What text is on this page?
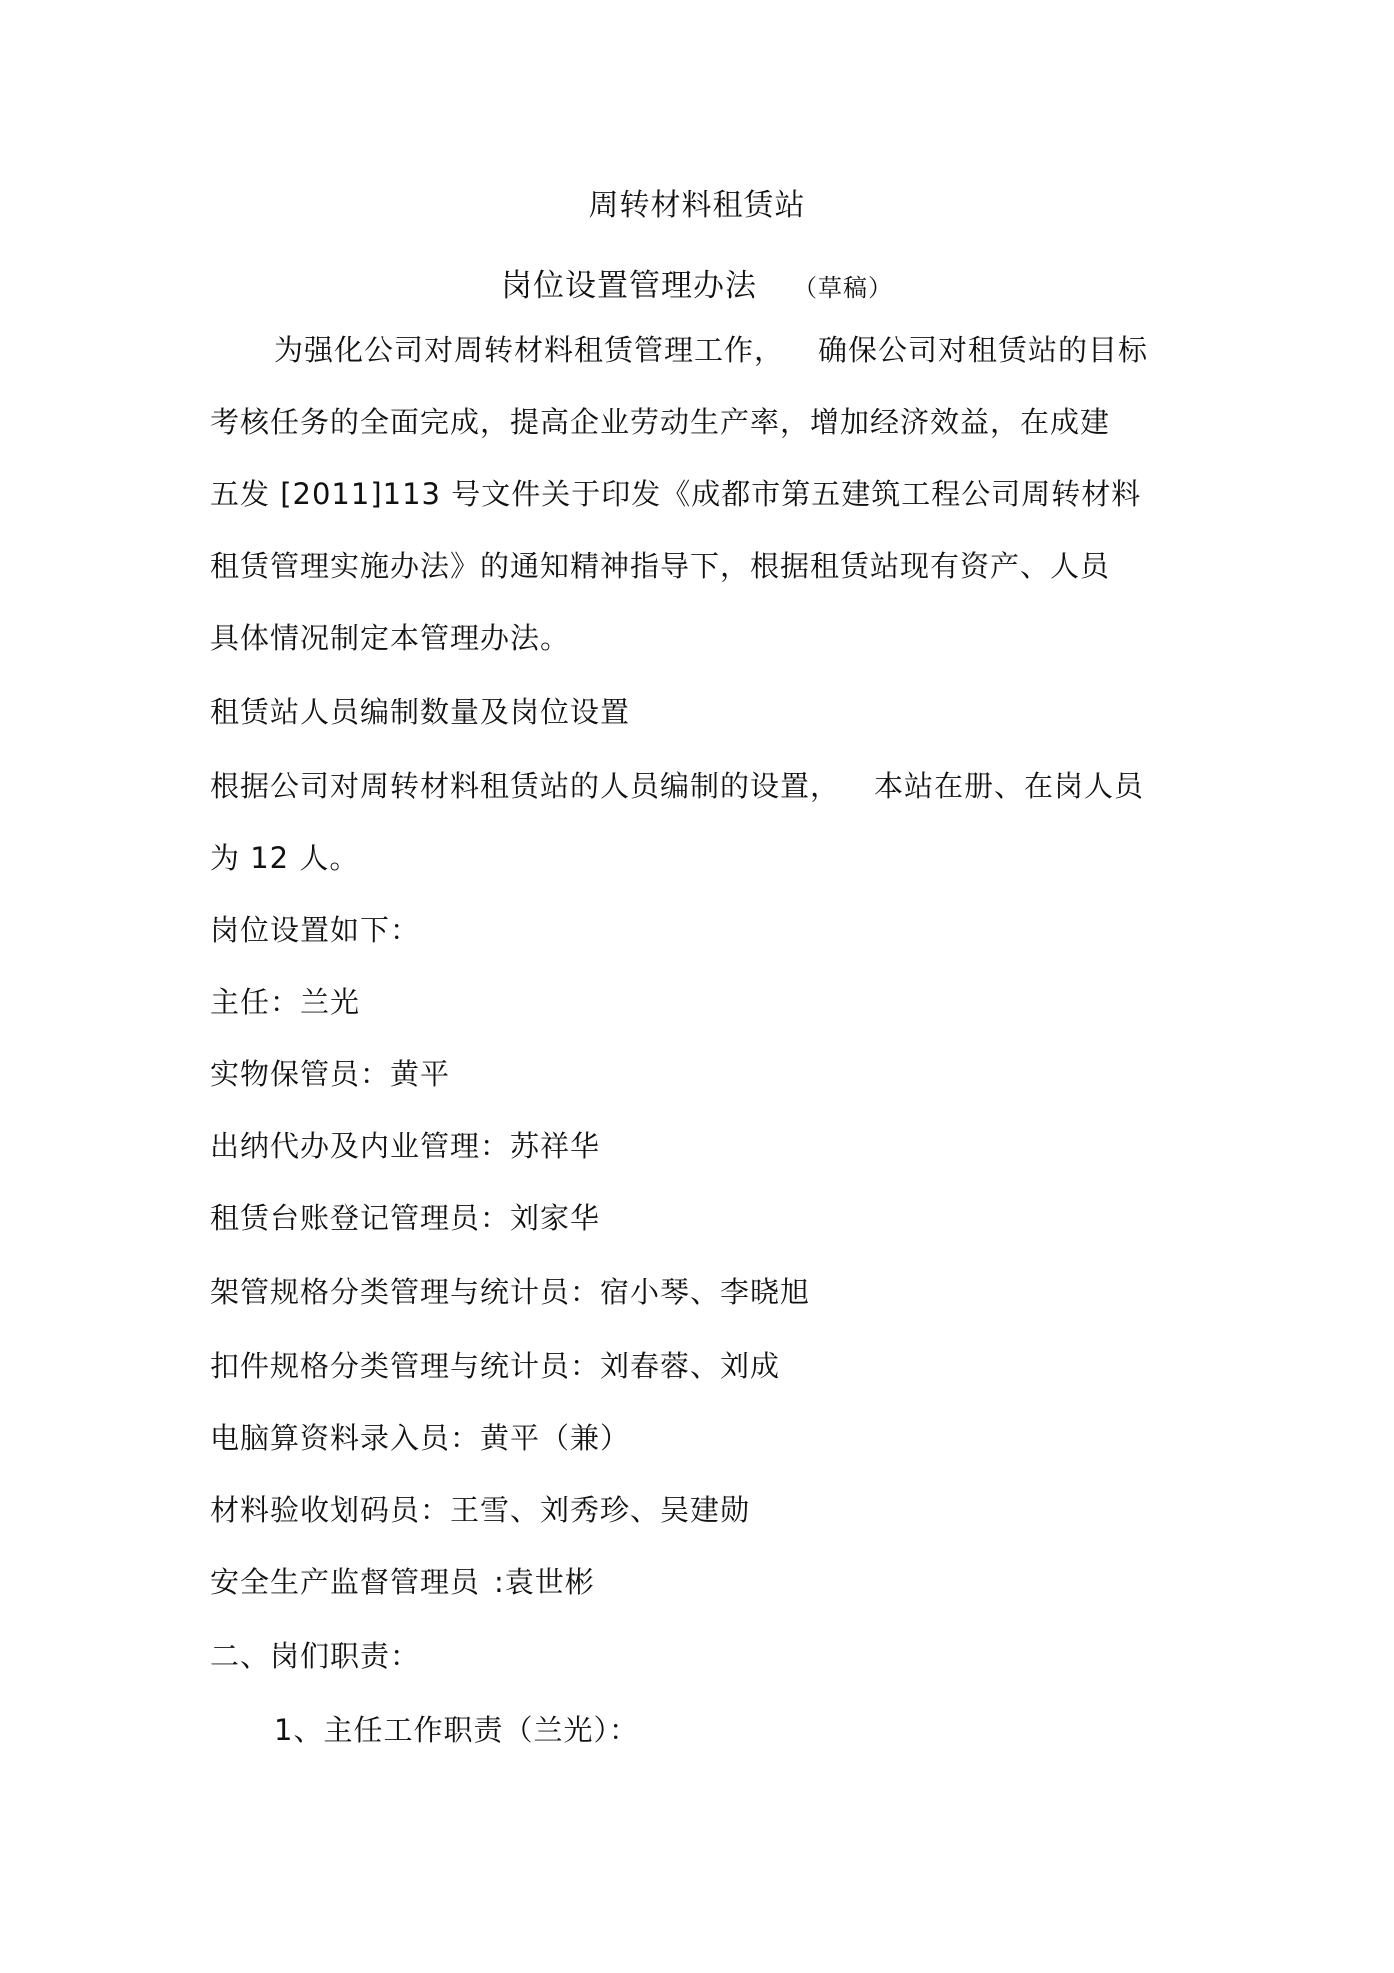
周转材料租赁站
岗位设置管理办法 （草稿）
为强化公司对周转材料租赁管理工作， 确保公司对租赁站的目标
考核任务的全面完成，提高企业劳动生产率，增加经济效益，在成建
五发 [2011]113 号文件关于印发《成都市第五建筑工程公司周转材料
租赁管理实施办法》的通知精神指导下，根据租赁站现有资产、人员
具体情况制定本管理办法。
租赁站人员编制数量及岗位设置
根据公司对周转材料租赁站的人员编制的设置， 本站在册、在岗人员
为 12 人。
岗位设置如下：
主任：兰光
实物保管员：黄平
出纳代办及内业管理：苏祥华
租赁台账登记管理员：刘家华
架管规格分类管理与统计员：宿小琴、李晓旭
扣件规格分类管理与统计员：刘春蓉、刘成
电脑算资料录入员：黄平（兼）
材料验收划码员：王雪、刘秀珍、吴建勋
安全生产监督管理员 :袁世彬
二、岗们职责：
1、主任工作职责（兰光）：
